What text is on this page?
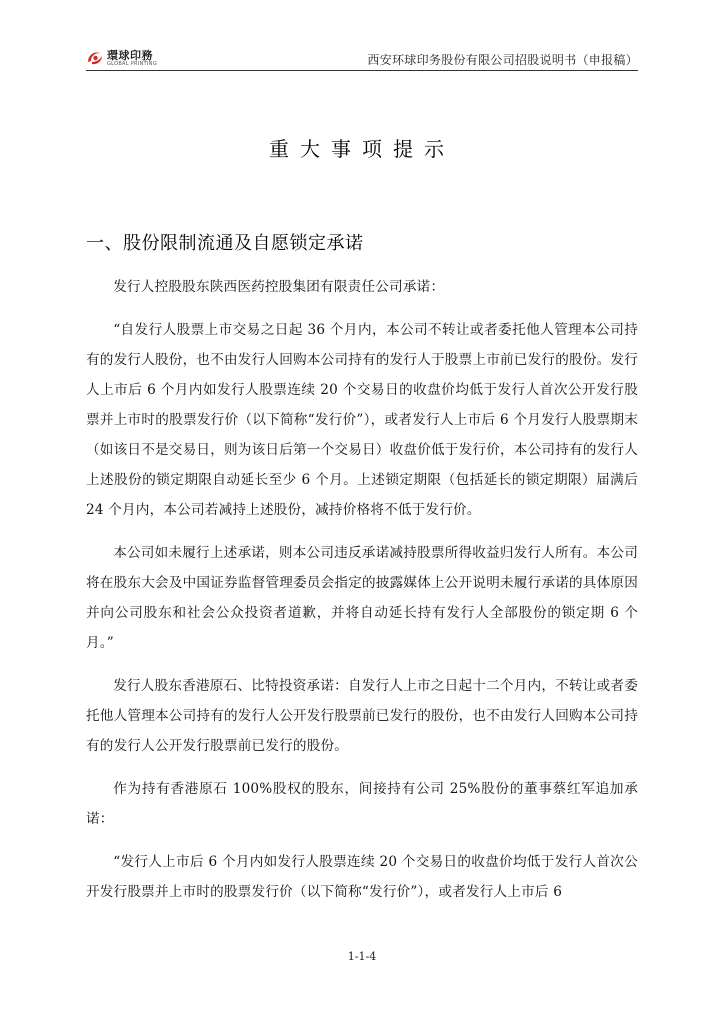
環球印務
GLOBAL PRINTING	西安环球印务股份有限公司招股说明书（申报稿）
重大事项提示
一、股份限制流通及自愿锁定承诺

发行人控股股东陕西医药控股集团有限责任公司承诺：

“自发行人股票上市交易之日起 36 个月内，本公司不转让或者委托他人管理本公司持有的发行人股份，也不由发行人回购本公司持有的发行人于股票上市前已发行的股份。发行人上市后 6 个月内如发行人股票连续 20 个交易日的收盘价均低于发行人首次公开发行股票并上市时的股票发行价（以下简称“发行价”），或者发行人上市后 6 个月发行人股票期末（如该日不是交易日，则为该日后第一个交易日）收盘价低于发行价，本公司持有的发行人上述股份的锁定期限自动延长至少 6 个月。上述锁定期限（包括延长的锁定期限）届满后 24 个月内，本公司若减持上述股份，减持价格将不低于发行价。

本公司如未履行上述承诺，则本公司违反承诺减持股票所得收益归发行人所有。本公司将在股东大会及中国证券监督管理委员会指定的披露媒体上公开说明未履行承诺的具体原因并向公司股东和社会公众投资者道歉，并将自动延长持有发行人全部股份的锁定期 6 个月。”

发行人股东香港原石、比特投资承诺：自发行人上市之日起十二个月内，不转让或者委托他人管理本公司持有的发行人公开发行股票前已发行的股份，也不由发行人回购本公司持有的发行人公开发行股票前已发行的股份。

作为持有香港原石 100%股权的股东，间接持有公司 25%股份的董事蔡红军追加承诺：

“发行人上市后 6 个月内如发行人股票连续 20 个交易日的收盘价均低于发行人首次公开发行股票并上市时的股票发行价（以下简称“发行价”），或者发行人上市后 6

1-1-4
